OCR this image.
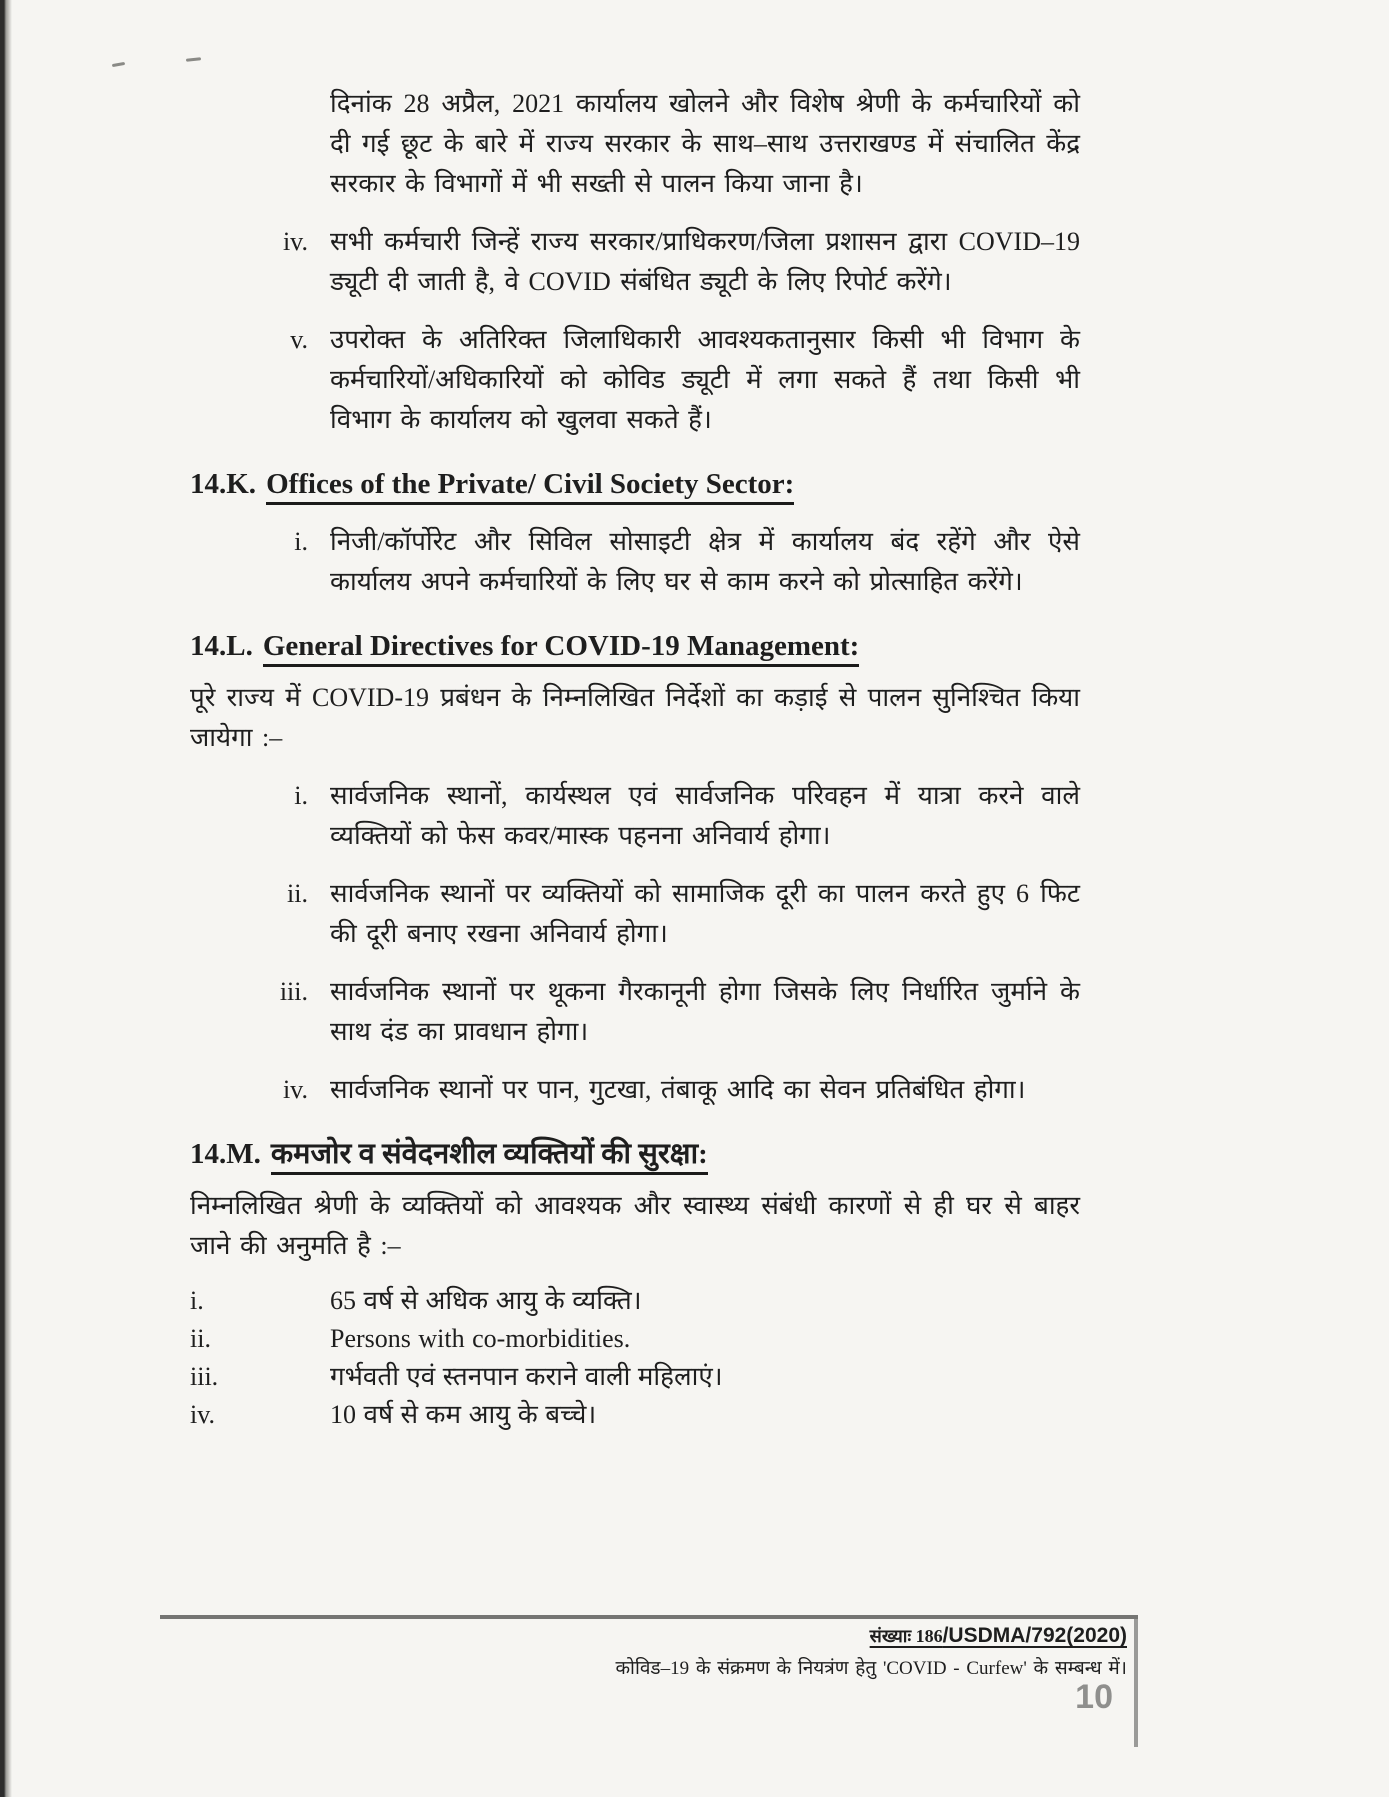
दिनांक 28 अप्रैल, 2021 कार्यालय खोलने और विशेष श्रेणी के कर्मचारियों को दी गई छूट के बारे में राज्य सरकार के साथ–साथ उत्तराखण्ड में संचालित केंद्र सरकार के विभागों में भी सख्ती से पालन किया जाना है।

iv. सभी कर्मचारी जिन्हें राज्य सरकार/प्राधिकरण/जिला प्रशासन द्वारा COVID–19 ड्यूटी दी जाती है, वे COVID संबंधित ड्यूटी के लिए रिपोर्ट करेंगे।

v. उपरोक्त के अतिरिक्त जिलाधिकारी आवश्यकतानुसार किसी भी विभाग के कर्मचारियों/अधिकारियों को कोविड ड्यूटी में लगा सकते हैं तथा किसी भी विभाग के कार्यालय को खुलवा सकते हैं।

14.K. Offices of the Private/ Civil Society Sector:
i. निजी/कॉर्पोरेट और सिविल सोसाइटी क्षेत्र में कार्यालय बंद रहेंगे और ऐसे कार्यालय अपने कर्मचारियों के लिए घर से काम करने को प्रोत्साहित करेंगे।

14.L. General Directives for COVID-19 Management:

पूरे राज्य में COVID-19 प्रबंधन के निम्नलिखित निर्देशों का कड़ाई से पालन सुनिश्चित किया जायेगा :–

i. सार्वजनिक स्थानों, कार्यस्थल एवं सार्वजनिक परिवहन में यात्रा करने वाले व्यक्तियों को फेस कवर/मास्क पहनना अनिवार्य होगा।

ii. सार्वजनिक स्थानों पर व्यक्तियों को सामाजिक दूरी का पालन करते हुए 6 फिट की दूरी बनाए रखना अनिवार्य होगा।

iii. सार्वजनिक स्थानों पर थूकना गैरकानूनी होगा जिसके लिए निर्धारित जुर्माने के साथ दंड का प्रावधान होगा।

iv. सार्वजनिक स्थानों पर पान, गुटखा, तंबाकू आदि का सेवन प्रतिबंधित होगा।

14.M. कमजोर व संवेदनशील व्यक्तियों की सुरक्षा:

निम्नलिखित श्रेणी के व्यक्तियों को आवश्यक और स्वास्थ्य संबंधी कारणों से ही घर से बाहर जाने की अनुमति है :–

i.	65 वर्ष से अधिक आयु के व्यक्ति।

ii.	Persons with co-morbidities.

iii.	गर्भवती एवं स्तनपान कराने वाली महिलाएं।

iv.	10 वर्ष से कम आयु के बच्चे।

संख्याः 186/USDMA/792(2020)
कोविड–19 के संक्रमण के नियत्रंण हेतु 'COVID - Curfew' के सम्बन्ध में।
10
